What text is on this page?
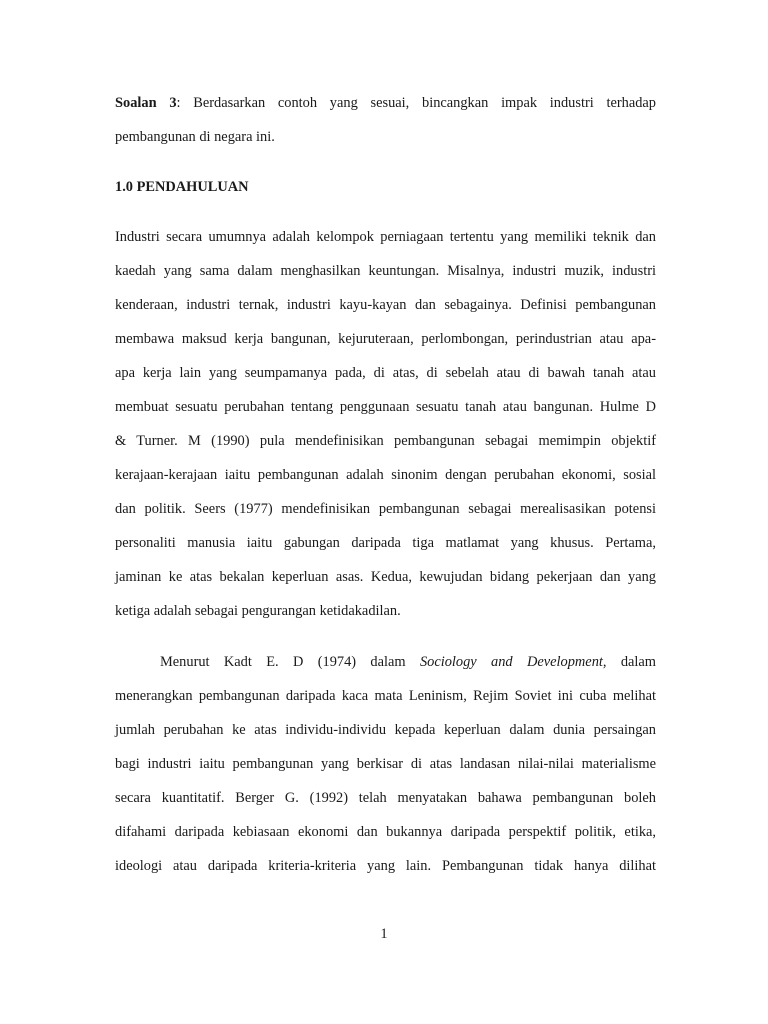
Soalan 3: Berdasarkan contoh yang sesuai, bincangkan impak industri terhadap
pembangunan di negara ini.
1.0 PENDAHULUAN
Industri secara umumnya adalah kelompok perniagaan tertentu yang memiliki teknik dan
kaedah yang sama dalam menghasilkan keuntungan. Misalnya, industri muzik, industri
kenderaan, industri ternak, industri kayu-kayan dan sebagainya. Definisi pembangunan
membawa maksud kerja bangunan, kejuruteraan, perlombongan, perindustrian atau apa-
apa kerja lain yang seumpamanya pada, di atas, di sebelah atau di bawah tanah atau
membuat sesuatu perubahan tentang penggunaan sesuatu tanah atau bangunan. Hulme D
& Turner. M (1990) pula mendefinisikan pembangunan sebagai memimpin objektif
kerajaan-kerajaan iaitu pembangunan adalah sinonim dengan perubahan ekonomi, sosial
dan politik. Seers (1977) mendefinisikan pembangunan sebagai merealisasikan potensi
personaliti manusia iaitu gabungan daripada tiga matlamat yang khusus. Pertama,
jaminan ke atas bekalan keperluan asas. Kedua, kewujudan bidang pekerjaan dan yang
ketiga adalah sebagai pengurangan ketidakadilan.
Menurut Kadt E. D (1974) dalam Sociology and Development, dalam
menerangkan pembangunan daripada kaca mata Leninism, Rejim Soviet ini cuba melihat
jumlah perubahan ke atas individu-individu kepada keperluan dalam dunia persaingan
bagi industri iaitu pembangunan yang berkisar di atas landasan nilai-nilai materialisme
secara kuantitatif. Berger G. (1992) telah menyatakan bahawa pembangunan boleh
difahami daripada kebiasaan ekonomi dan bukannya daripada perspektif politik, etika,
ideologi atau daripada kriteria-kriteria yang lain. Pembangunan tidak hanya dilihat
1
